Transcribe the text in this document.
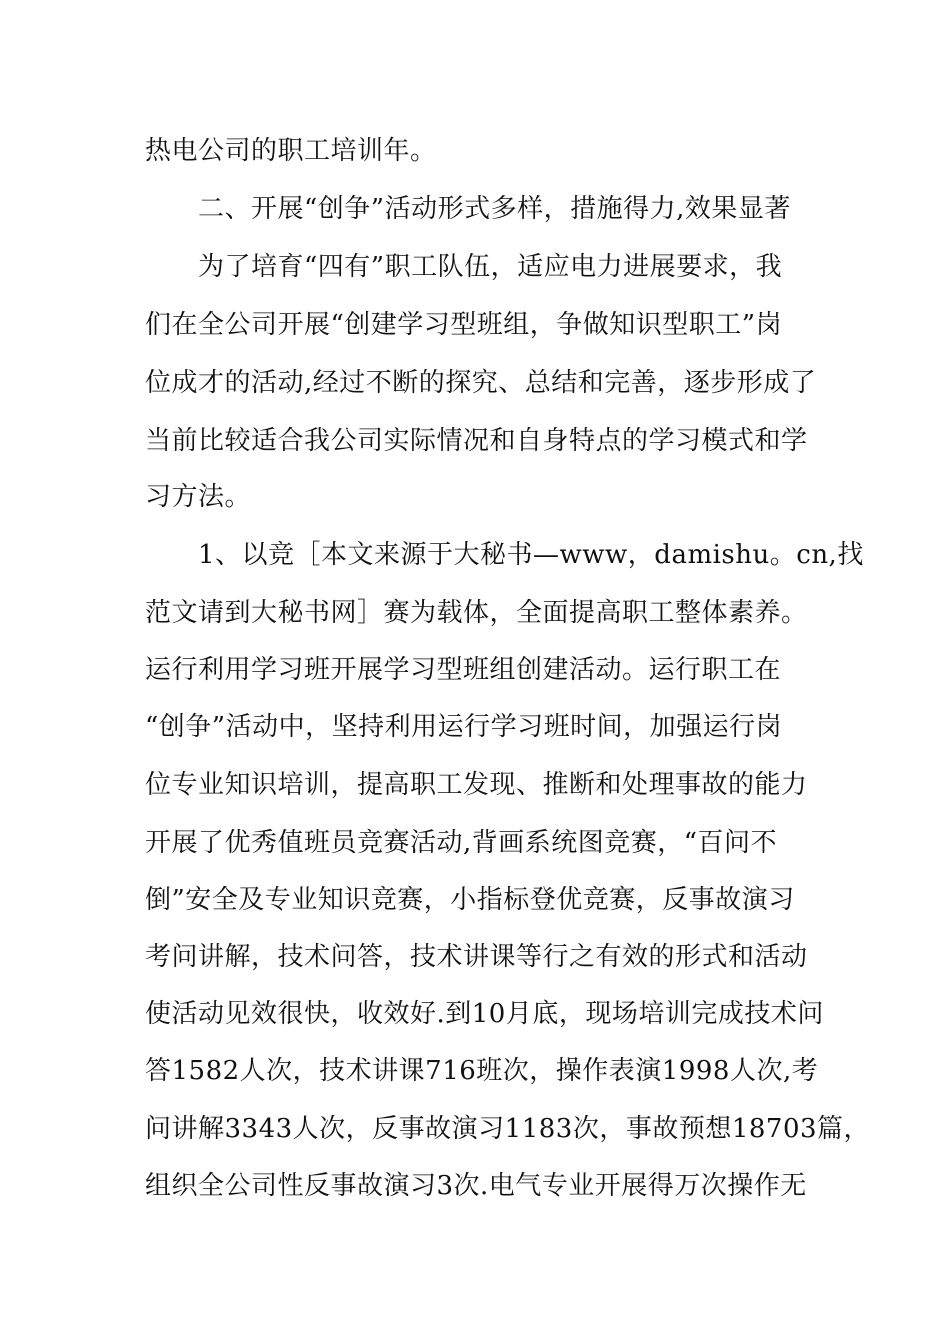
热电公司的职工培训年。
二、开展“创争”活动形式多样，措施得力,效果显著
为了培育“四有”职工队伍，适应电力进展要求，我
们在全公司开展“创建学习型班组，争做知识型职工”岗
位成才的活动,经过不断的探究、总结和完善，逐步形成了
当前比较适合我公司实际情况和自身特点的学习模式和学
习方法。
1、以竞［本文来源于大秘书—www，damishu。cn,找
范文请到大秘书网］赛为载体，全面提高职工整体素养。
运行利用学习班开展学习型班组创建活动。运行职工在
“创争”活动中，坚持利用运行学习班时间，加强运行岗
位专业知识培训，提高职工发现、推断和处理事故的能力
开展了优秀值班员竞赛活动,背画系统图竞赛，“百问不
倒”安全及专业知识竞赛，小指标登优竞赛，反事故演习
考问讲解，技术问答，技术讲课等行之有效的形式和活动
使活动见效很快，收效好.到10月底，现场培训完成技术问
答1582人次，技术讲课716班次，操作表演1998人次,考
问讲解3343人次，反事故演习1183次，事故预想18703篇，
组织全公司性反事故演习3次.电气专业开展得万次操作无
